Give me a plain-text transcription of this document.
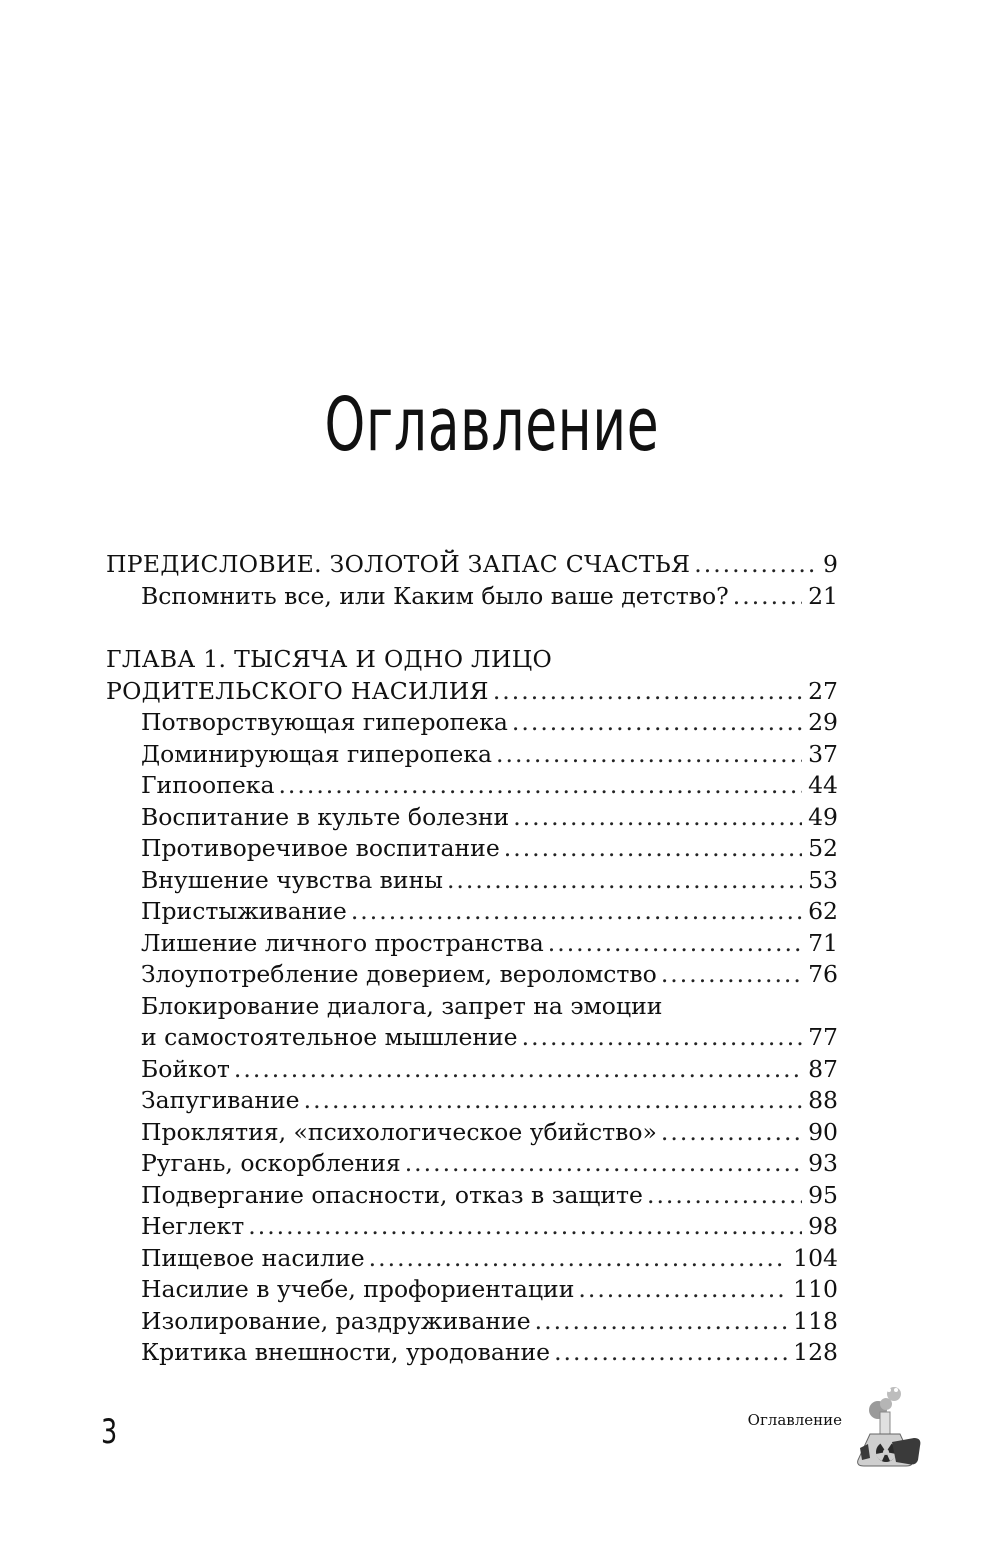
Оглавление
ПРЕДИСЛОВИЕ. ЗОЛОТОЙ ЗАПАС СЧАСТЬЯ .....	9
Вспомнить все, или Каким было ваше детство? .....	21
ГЛАВА 1. ТЫСЯЧА И ОДНО ЛИЦО
РОДИТЕЛЬСКОГО НАСИЛИЯ .....	27
Потворствующая гиперопека .....	29
Доминирующая гиперопека .....	37
Гипоопека .....	44
Воспитание в культе болезни .....	49
Противоречивое воспитание .....	52
Внушение чувства вины .....	53
Пристыживание .....	62
Лишение личного пространства .....	71
Злоупотребление доверием, вероломство .....	76
Блокирование диалога, запрет на эмоции
и самостоятельное мышление .....	77
Бойкот .....	87
Запугивание .....	88
Проклятия, «психологическое убийство» .....	90
Ругань, оскорбления .....	93
Подвергание опасности, отказ в защите .....	95
Неглект .....	98
Пищевое насилие .....	104
Насилие в учебе, профориентации .....	110
Изолирование, раздруживание .....	118
Критика внешности, уродование .....	128
3	Оглавление
